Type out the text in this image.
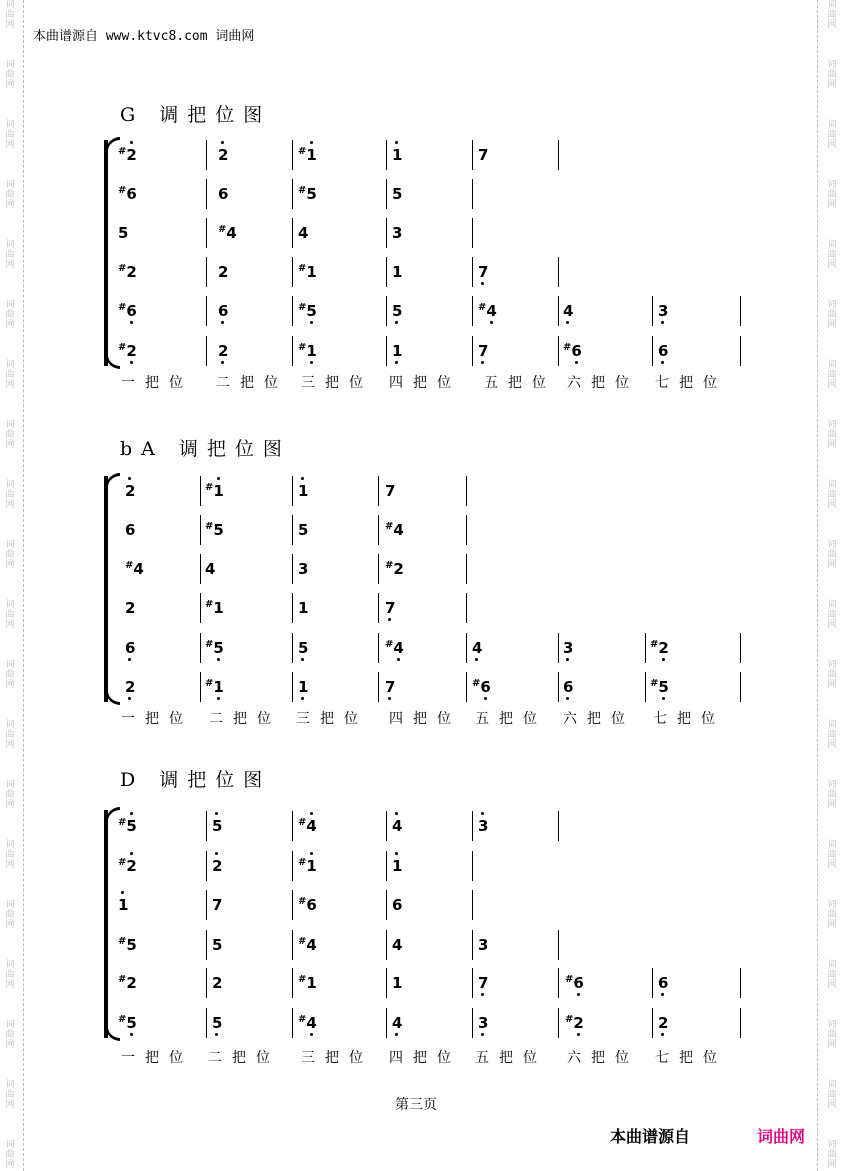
词
曲
网
词
曲
网
词
曲
网
词
曲
网
词
曲
网
词
曲
网
词
曲
网
词
曲
网
词
曲
网
词
曲
网
词
曲
网
词
曲
网
词
曲
网
词
曲
网
词
曲
网
词
曲
网
词
曲
网
词
曲
网
词
曲
网
词
曲
网
词
曲
网
词
曲
网
词
曲
网
词
曲
网
词
曲
网
词
曲
网
词
曲
网
词
曲
网
词
曲
网
词
曲
网
词
曲
网
词
曲
网
词
曲
网
词
曲
网
词
曲
网
词
曲
网
词
曲
网
词
曲
网
词
曲
网
词
曲
网
本曲谱源自 www.ktvc8.com 词曲网
G 调把位图
#2	2	#1	1	7
#6	6	#5	5
5	#4	4	3
#2	2	#1	1	7
#6	6	#5	5	#4	4	3
#2	2	#1	1	7	#6	6
一把位 二把位 三把位 四把位 五把位 六把位 七把位
bA 调把位图
2	#1	1	7
6	#5	5	#4
#4	4	3	#2
2	#1	1	7
6	#5	5	#4	4	3	#2
2	#1	1	7	#6	6	#5
一把位 二把位 三把位 四把位 五把位 六把位 七把位
D 调把位图
#5	5	#4	4	3
#2	2	#1	1
1	7	#6	6
#5	5	#4	4	3
#2	2	#1	1	7	#6	6
#5	5	#4	4	3	#2	2
一把位 二把位 三把位 四把位 五把位 六把位 七把位
第三页
本曲谱源自	词曲网
